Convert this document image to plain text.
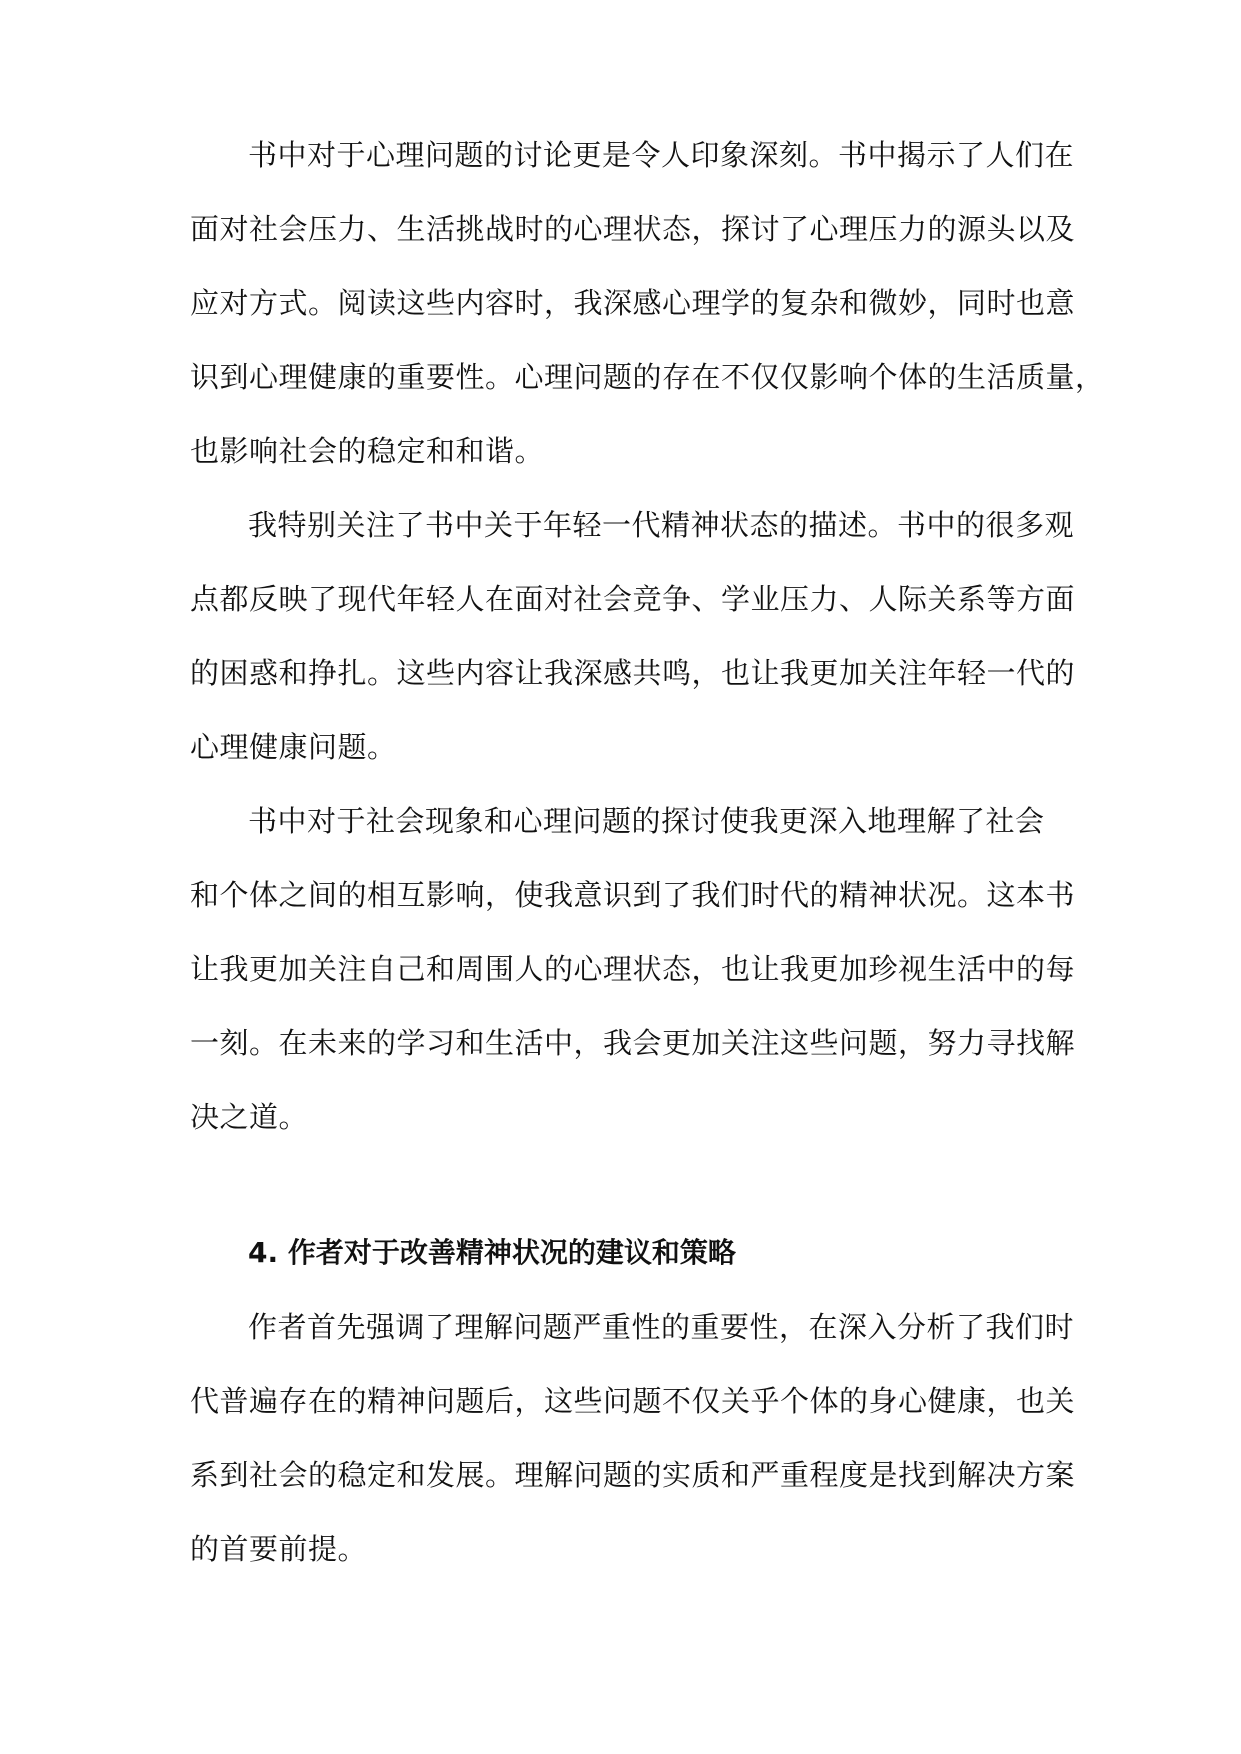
书中对于心理问题的讨论更是令人印象深刻。书中揭示了人们在
面对社会压力、生活挑战时的心理状态，探讨了心理压力的源头以及
应对方式。阅读这些内容时，我深感心理学的复杂和微妙，同时也意
识到心理健康的重要性。心理问题的存在不仅仅影响个体的生活质量，
也影响社会的稳定和和谐。
我特别关注了书中关于年轻一代精神状态的描述。书中的很多观
点都反映了现代年轻人在面对社会竞争、学业压力、人际关系等方面
的困惑和挣扎。这些内容让我深感共鸣，也让我更加关注年轻一代的
心理健康问题。
书中对于社会现象和心理问题的探讨使我更深入地理解了社会
和个体之间的相互影响，使我意识到了我们时代的精神状况。这本书
让我更加关注自己和周围人的心理状态，也让我更加珍视生活中的每
一刻。在未来的学习和生活中，我会更加关注这些问题，努力寻找解
决之道。
4. 作者对于改善精神状况的建议和策略
作者首先强调了理解问题严重性的重要性，在深入分析了我们时
代普遍存在的精神问题后，这些问题不仅关乎个体的身心健康，也关
系到社会的稳定和发展。理解问题的实质和严重程度是找到解决方案
的首要前提。
